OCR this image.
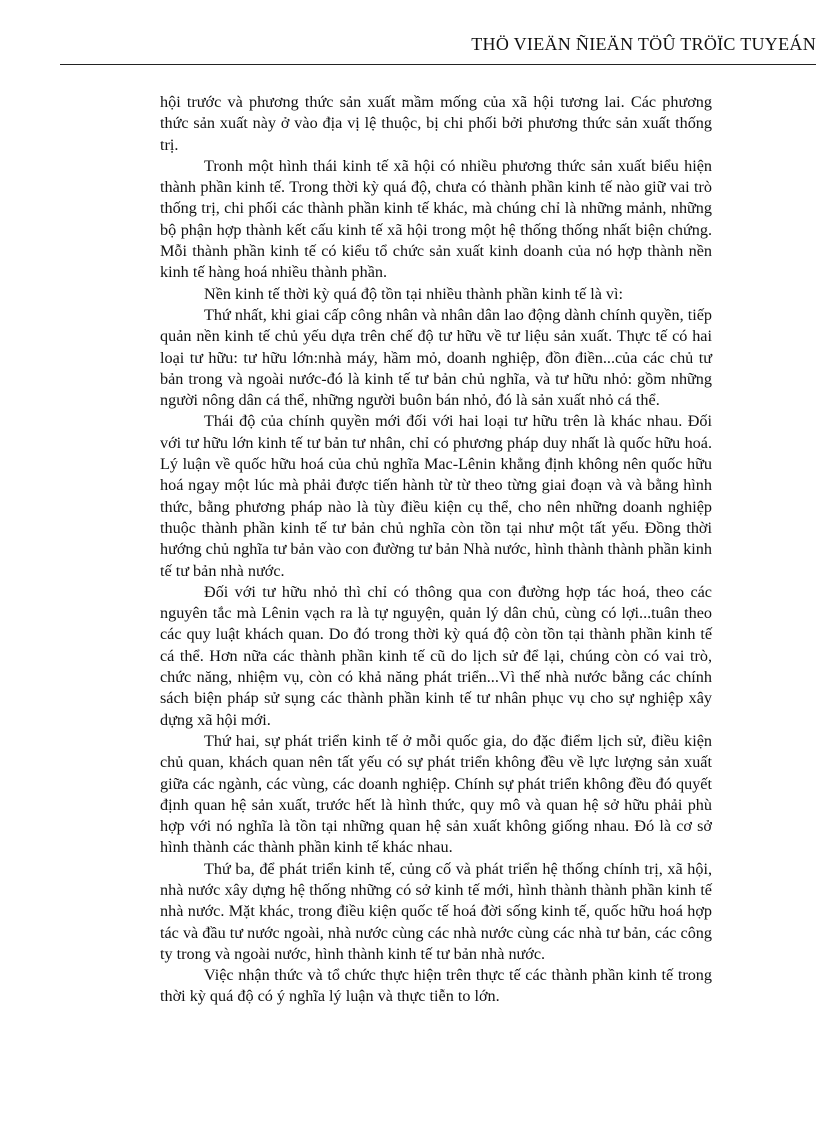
THÖ VIEÄN ÑIEÄN TÖÛ TRÖÏC TUYEÁN

hội trước và phương thức sản xuất mầm mống của xã hội tương lai. Các phương thức sản xuất này ở vào địa vị lệ thuộc, bị chi phối bởi phương thức sản xuất thống trị.

Tronh một hình thái kinh tế xã hội có nhiều phương thức sản xuất biểu hiện thành phần kinh tế. Trong thời kỳ quá độ, chưa có thành phần kinh tế nào giữ vai trò thống trị, chi phối các thành phần kinh tế khác, mà chúng chỉ là những mảnh, những bộ phận hợp thành kết cấu kinh tế xã hội trong một hệ thống thống nhất biện chứng. Mỗi thành phần kinh tế có kiểu tổ chức sản xuất kinh doanh của nó hợp thành nền kinh tế hàng hoá nhiều thành phần.

Nền kinh tế thời kỳ quá độ tồn tại nhiều thành phần kinh tế là vì:

Thứ nhất, khi giai cấp công nhân và nhân dân lao động dành chính quyền, tiếp quản nền kinh tế chủ yếu dựa trên chế độ tư hữu về tư liệu sản xuất. Thực tế có hai loại tư hữu: tư hữu lớn:nhà máy, hầm mỏ, doanh nghiệp, đồn điền...của các chủ tư bản trong và ngoài nước-đó là kinh tế tư bản chủ nghĩa, và tư hữu nhỏ: gồm những người nông dân cá thể, những người buôn bán nhỏ, đó là sản xuất nhỏ cá thể.

Thái độ của chính quyền mới đối với hai loại tư hữu trên là khác nhau. Đối với tư hữu lớn kinh tế tư bản tư nhân, chỉ có phương pháp duy nhất là quốc hữu hoá. Lý luận về quốc hữu hoá của chủ nghĩa Mac-Lênin khẳng định không nên quốc hữu hoá ngay một lúc mà phải được tiến hành từ từ theo từng giai đoạn và và bằng hình thức, bằng phương pháp nào là tùy điều kiện cụ thể, cho nên những doanh nghiệp thuộc thành phần kinh tế tư bản chủ nghĩa còn tồn tại như một tất yếu. Đồng thời hướng chủ nghĩa tư bản vào con đường tư bản Nhà nước, hình thành thành phần kinh tế tư bản nhà nước.

Đối với tư hữu nhỏ thì chỉ có thông qua con đường hợp tác hoá, theo các nguyên tắc mà Lênin vạch ra là tự nguyện, quản lý dân chủ, cùng có lợi...tuân theo các quy luật khách quan. Do đó trong thời kỳ quá độ còn tồn tại thành phần kinh tế cá thể. Hơn nữa các thành phần kinh tế cũ do lịch sử để lại, chúng còn có vai trò, chức năng, nhiệm vụ, còn có khả năng phát triển...Vì thế nhà nước bằng các chính sách biện pháp sử sụng các thành phần kinh tế tư nhân phục vụ cho sự nghiệp xây dựng xã hội mới.

Thứ hai, sự phát triển kinh tế ở mỗi quốc gia, do đặc điểm lịch sử, điều kiện chủ quan, khách quan nên tất yếu có sự phát triển không đều về lực lượng sản xuất giữa các ngành, các vùng, các doanh nghiệp. Chính sự phát triển không đều đó quyết định quan hệ sản xuất, trước hết là hình thức, quy mô và quan hệ sở hữu phải phù hợp với nó nghĩa là tồn tại những quan hệ sản xuất không giống nhau. Đó là cơ sở hình thành các thành phần kinh tế khác nhau.

Thứ ba, để phát triển kinh tế, củng cố và phát triển hệ thống chính trị, xã hội, nhà nước xây dựng hệ thống những có sở kinh tế mới, hình thành thành phần kinh tế nhà nước. Mặt khác, trong điều kiện quốc tế hoá đời sống kinh tế, quốc hữu hoá hợp tác và đầu tư nước ngoài, nhà nước cùng các nhà nước cùng các nhà tư bản, các công ty trong và ngoài nước, hình thành kinh tế tư bản nhà nước.

Việc nhận thức và tổ chức thực hiện trên thực tế các thành phần kinh tế trong thời kỳ quá độ có ý nghĩa lý luận và thực tiễn to lớn.
